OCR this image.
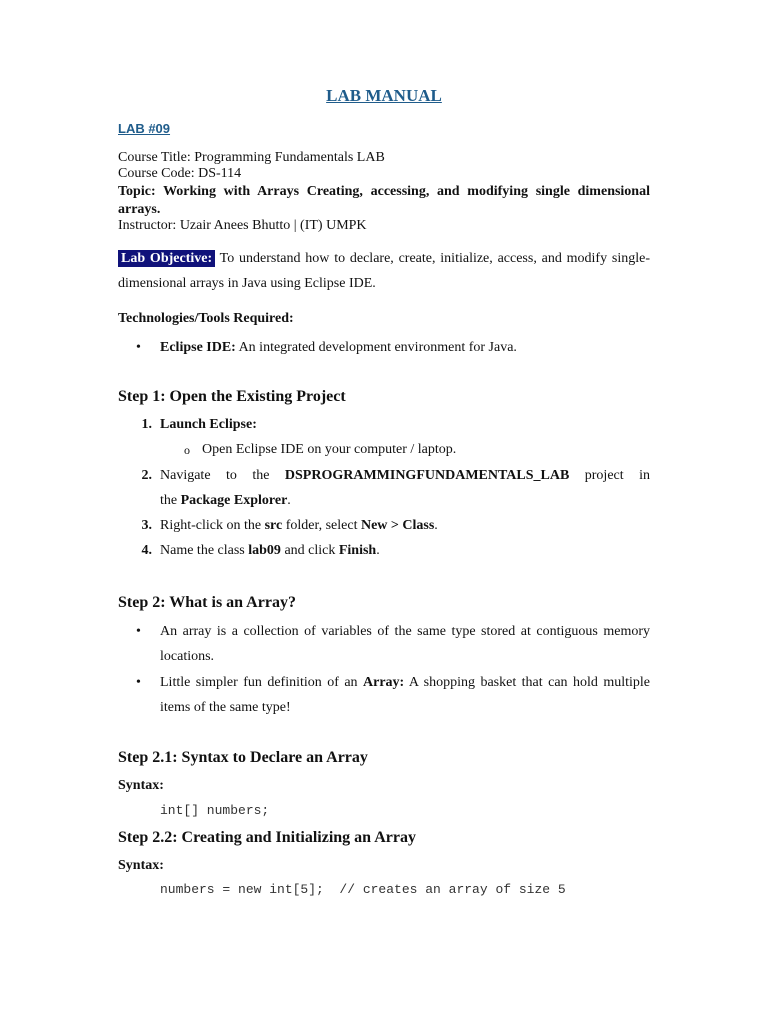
LAB MANUAL
LAB #09
Course Title: Programming Fundamentals LAB
Course Code: DS-114
Topic: Working with Arrays Creating, accessing, and modifying single dimensional arrays.
Instructor: Uzair Anees Bhutto | (IT) UMPK
Lab Objective: To understand how to declare, create, initialize, access, and modify single-dimensional arrays in Java using Eclipse IDE.
Technologies/Tools Required:
• Eclipse IDE: An integrated development environment for Java.
Step 1: Open the Existing Project
1. Launch Eclipse:
o Open Eclipse IDE on your computer / laptop.
2. Navigate to the DSPROGRAMMINGFUNDAMENTALS_LAB project in
the Package Explorer.
3. Right-click on the src folder, select New > Class.
4. Name the class lab09 and click Finish.
Step 2: What is an Array?
• An array is a collection of variables of the same type stored at contiguous memory locations.
• Little simpler fun definition of an Array: A shopping basket that can hold multiple items of the same type!
Step 2.1: Syntax to Declare an Array
Syntax:
int[] numbers;
Step 2.2: Creating and Initializing an Array
Syntax:
numbers = new int[5];  // creates an array of size 5
